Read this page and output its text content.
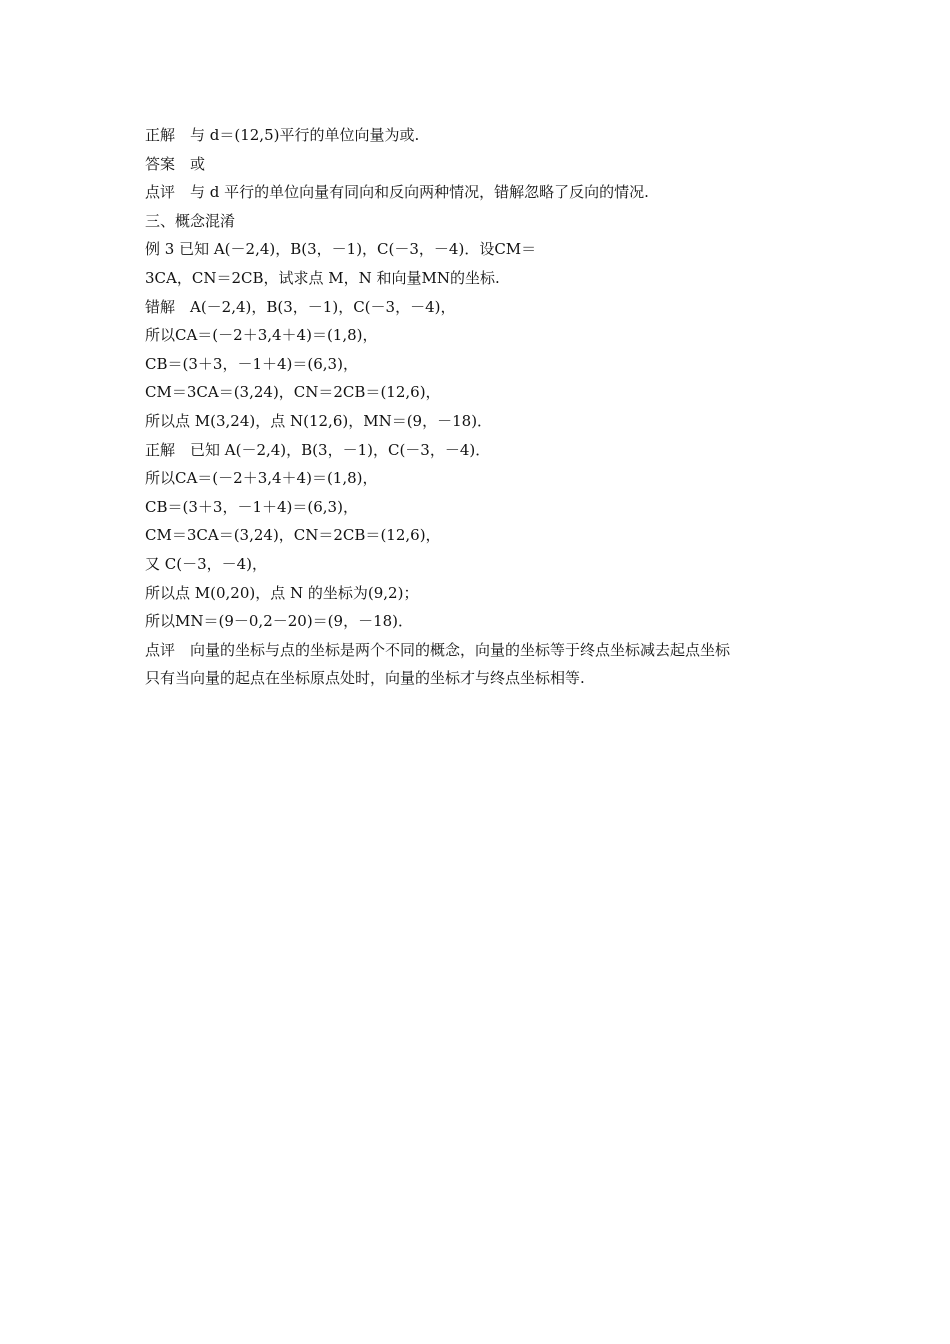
正解　与 d＝(12,5)平行的单位向量为或.
答案　或
点评　与 d 平行的单位向量有同向和反向两种情况，错解忽略了反向的情况.
三、概念混淆
例 3 已知 A(－2,4)，B(3，－1)，C(－3，－4)．设CM＝
3CA，CN＝2CB，试求点 M，N 和向量MN的坐标.
错解　A(－2,4)，B(3，－1)，C(－3，－4)，
所以CA＝(－2＋3,4＋4)＝(1,8)，
CB＝(3＋3，－1＋4)＝(6,3)，
CM＝3CA＝(3,24)，CN＝2CB＝(12,6)，
所以点 M(3,24)，点 N(12,6)，MN＝(9，－18)．
正解　已知 A(－2,4)，B(3，－1)，C(－3，－4)．
所以CA＝(－2＋3,4＋4)＝(1,8)，
CB＝(3＋3，－1＋4)＝(6,3)，
CM＝3CA＝(3,24)，CN＝2CB＝(12,6)，
又 C(－3，－4)，
所以点 M(0,20)，点 N 的坐标为(9,2)；
所以MN＝(9－0,2－20)＝(9，－18)．
点评　向量的坐标与点的坐标是两个不同的概念，向量的坐标等于终点坐标减去起点坐标
只有当向量的起点在坐标原点处时，向量的坐标才与终点坐标相等.
